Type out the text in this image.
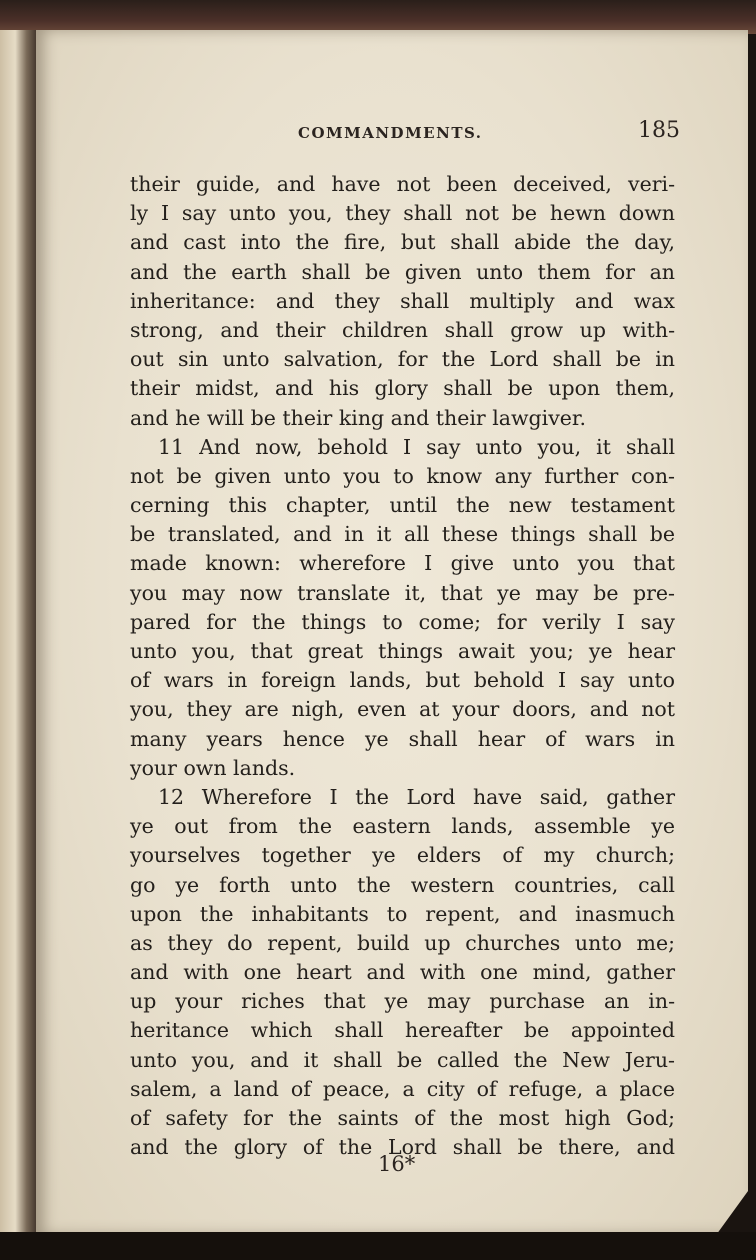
COMMANDMENTS.	185
their guide, and have not been deceived, veri-
ly I say unto you, they shall not be hewn down
and cast into the fire, but shall abide the day,
and the earth shall be given unto them for an
inheritance: and they shall multiply and wax
strong, and their children shall grow up with-
out sin unto salvation, for the Lord shall be in
their midst, and his glory shall be upon them,
and he will be their king and their lawgiver.
11 And now, behold I say unto you, it shall
not be given unto you to know any further con-
cerning this chapter, until the new testament
be translated, and in it all these things shall be
made known: wherefore I give unto you that
you may now translate it, that ye may be pre-
pared for the things to come; for verily I say
unto you, that great things await you; ye hear
of wars in foreign lands, but behold I say unto
you, they are nigh, even at your doors, and not
many years hence ye shall hear of wars in
your own lands.
12 Wherefore I the Lord have said, gather
ye out from the eastern lands, assemble ye
yourselves together ye elders of my church;
go ye forth unto the western countries, call
upon the inhabitants to repent, and inasmuch
as they do repent, build up churches unto me;
and with one heart and with one mind, gather
up your riches that ye may purchase an in-
heritance which shall hereafter be appointed
unto you, and it shall be called the New Jeru-
salem, a land of peace, a city of refuge, a place
of safety for the saints of the most high God;
and the glory of the Lord shall be there, and
16*
